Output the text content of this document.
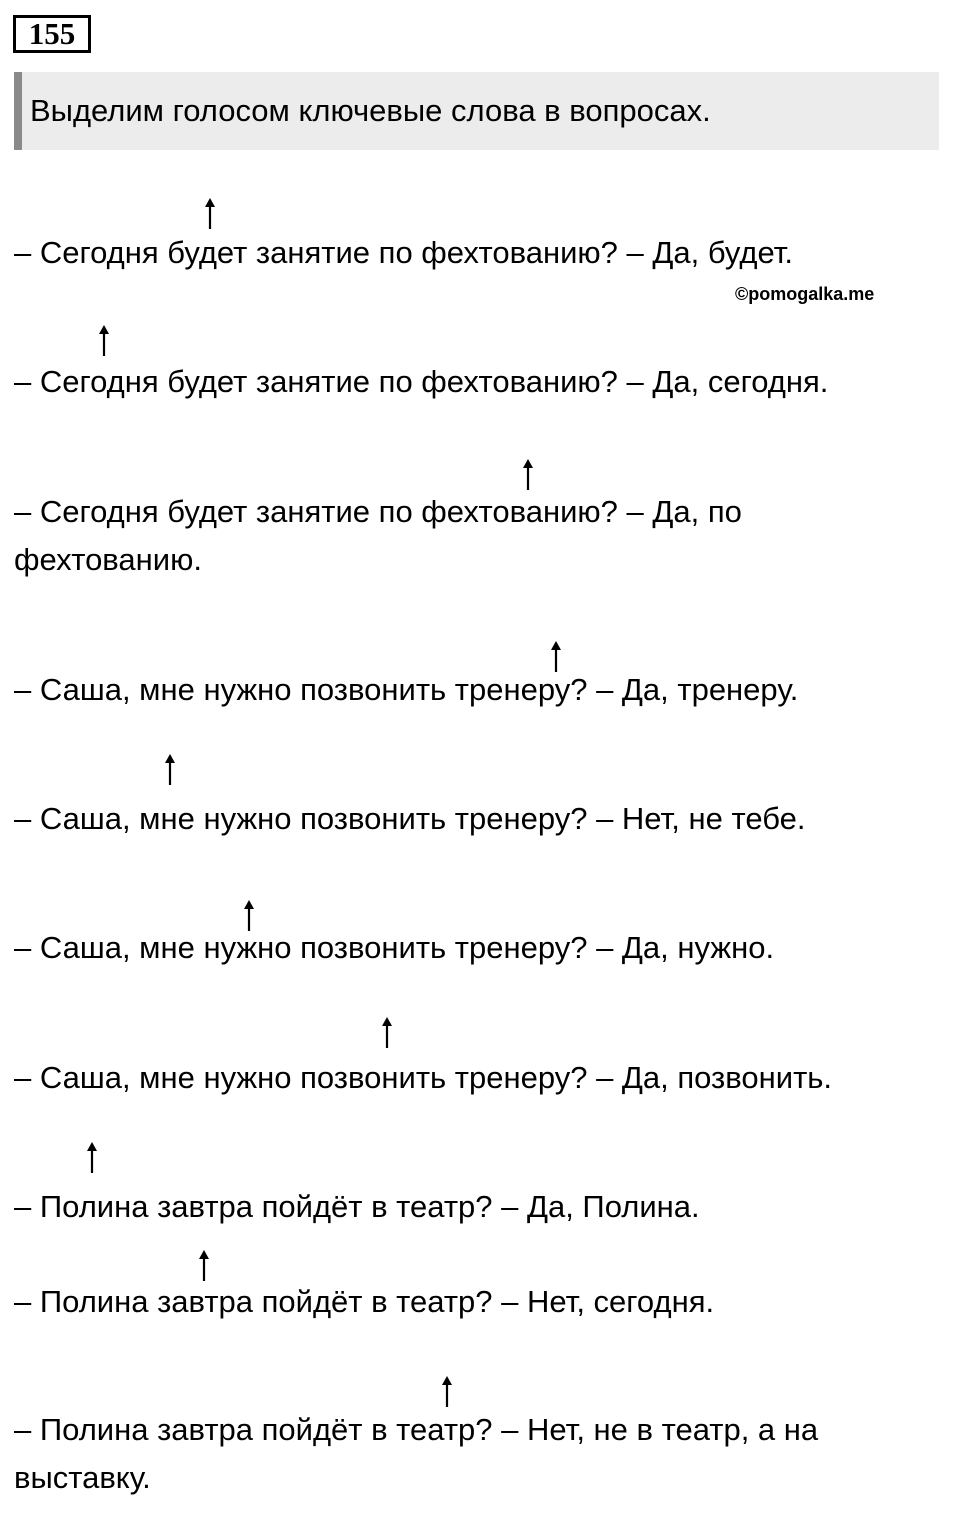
155
Выделим голосом ключевые слова в вопросах.
©pomogalka.me
– Сегодня будет занятие по фехтованию? – Да, будет.
– Сегодня будет занятие по фехтованию? – Да, сегодня.
– Сегодня будет занятие по фехтованию? – Да, по
фехтованию.
– Саша, мне нужно позвонить тренеру? – Да, тренеру.
– Саша, мне нужно позвонить тренеру? – Нет, не тебе.
– Саша, мне нужно позвонить тренеру? – Да, нужно.
– Саша, мне нужно позвонить тренеру? – Да, позвонить.
– Полина завтра пойдёт в театр? – Да, Полина.
– Полина завтра пойдёт в театр? – Нет, сегодня.
– Полина завтра пойдёт в театр? – Нет, не в театр, а на
выставку.
